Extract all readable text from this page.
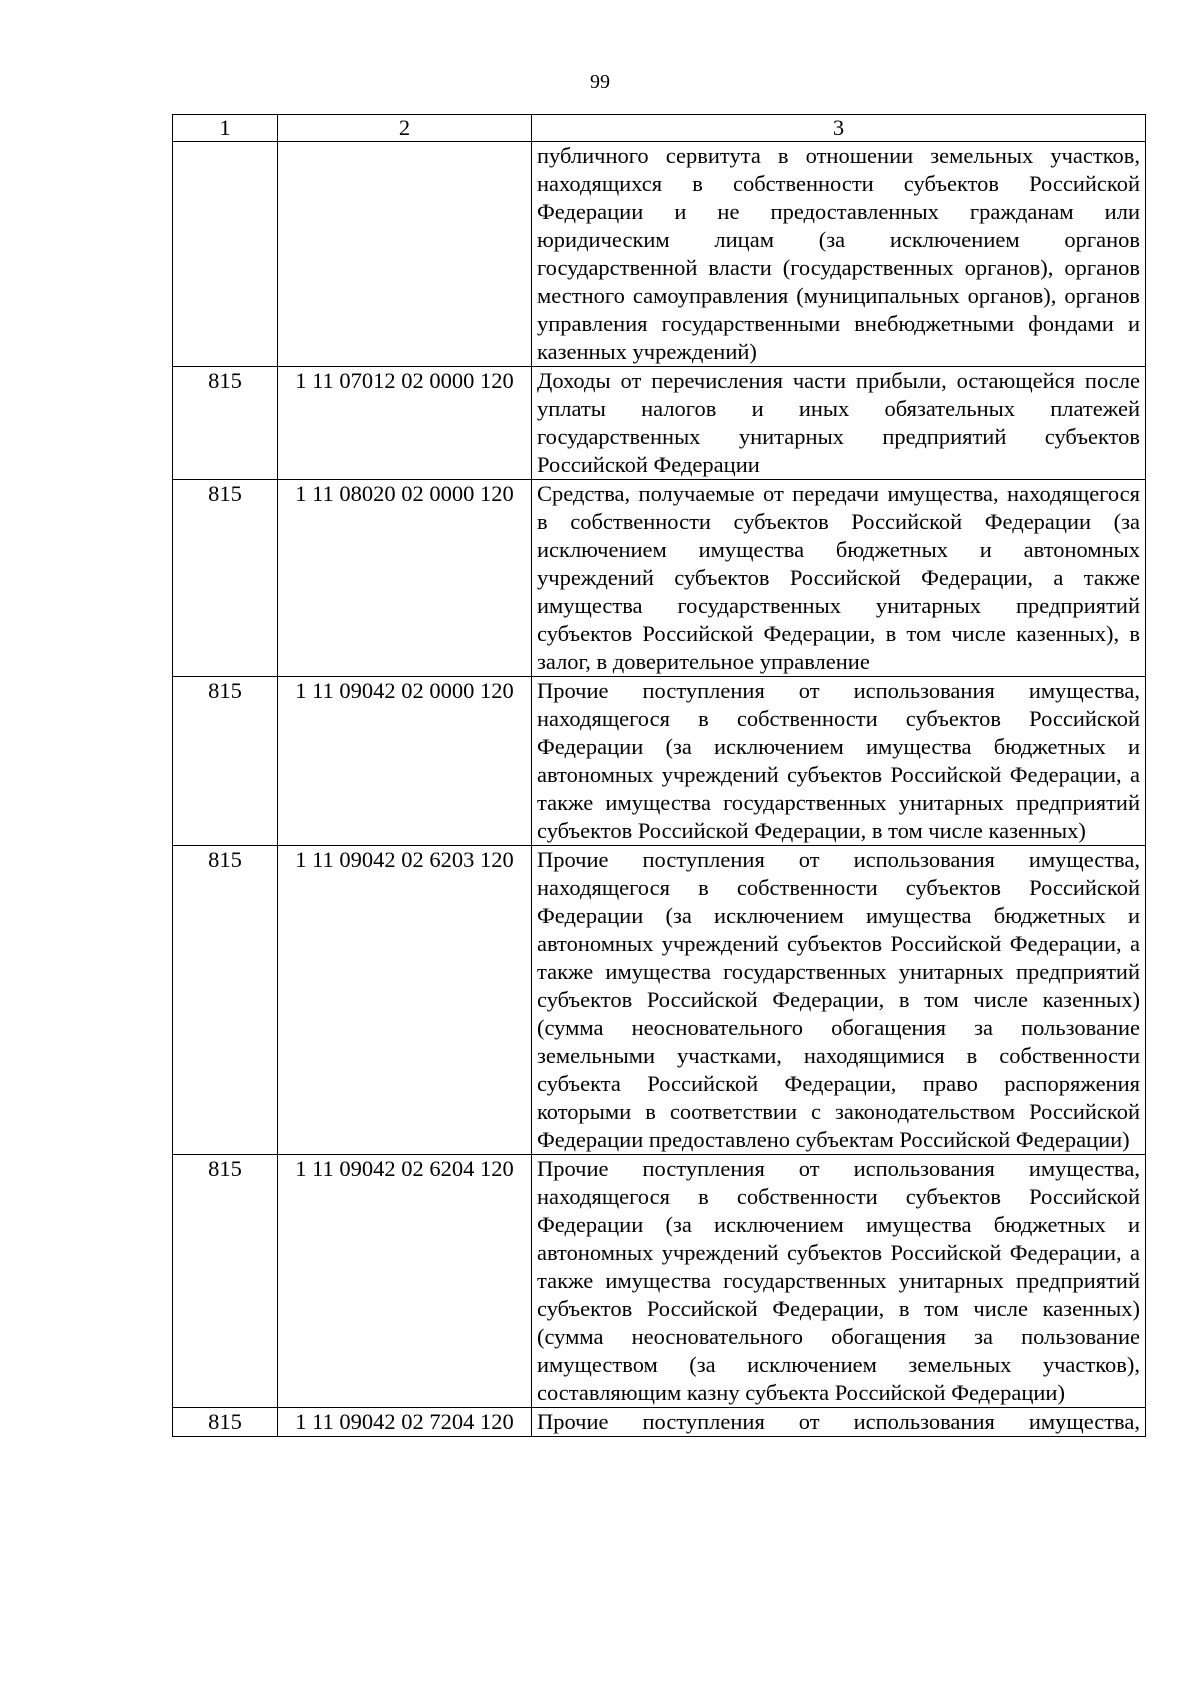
99
1	2	3
		публичного сервитута в отношении земельных участков, находящихся в собственности субъектов Российской Федерации и не предоставленных гражданам или юридическим лицам (за исключением органов государственной власти (государственных органов), органов местного самоуправления (муниципальных органов), органов управления государственными внебюджетными фондами и казенных учреждений)
815	1 11 07012 02 0000 120	Доходы от перечисления части прибыли, остающейся после уплаты налогов и иных обязательных платежей государственных унитарных предприятий субъектов Российской Федерации
815	1 11 08020 02 0000 120	Средства, получаемые от передачи имущества, находящегося в собственности субъектов Российской Федерации (за исключением имущества бюджетных и автономных учреждений субъектов Российской Федерации, а также имущества государственных унитарных предприятий субъектов Российской Федерации, в том числе казенных), в залог, в доверительное управление
815	1 11 09042 02 0000 120	Прочие поступления от использования имущества, находящегося в собственности субъектов Российской Федерации (за исключением имущества бюджетных и автономных учреждений субъектов Российской Федерации, а также имущества государственных унитарных предприятий субъектов Российской Федерации, в том числе казенных)
815	1 11 09042 02 6203 120	Прочие поступления от использования имущества, находящегося в собственности субъектов Российской Федерации (за исключением имущества бюджетных и автономных учреждений субъектов Российской Федерации, а также имущества государственных унитарных предприятий субъектов Российской Федерации, в том числе казенных) (сумма неосновательного обогащения за пользование земельными участками, находящимися в собственности субъекта Российской Федерации, право распоряжения которыми в соответствии с законодательством Российской Федерации предоставлено субъектам Российской Федерации)
815	1 11 09042 02 6204 120	Прочие поступления от использования имущества, находящегося в собственности субъектов Российской Федерации (за исключением имущества бюджетных и автономных учреждений субъектов Российской Федерации, а также имущества государственных унитарных предприятий субъектов Российской Федерации, в том числе казенных) (сумма неосновательного обогащения за пользование имуществом (за исключением земельных участков), составляющим казну субъекта Российской Федерации)
815	1 11 09042 02 7204 120	Прочие поступления от использования имущества,
